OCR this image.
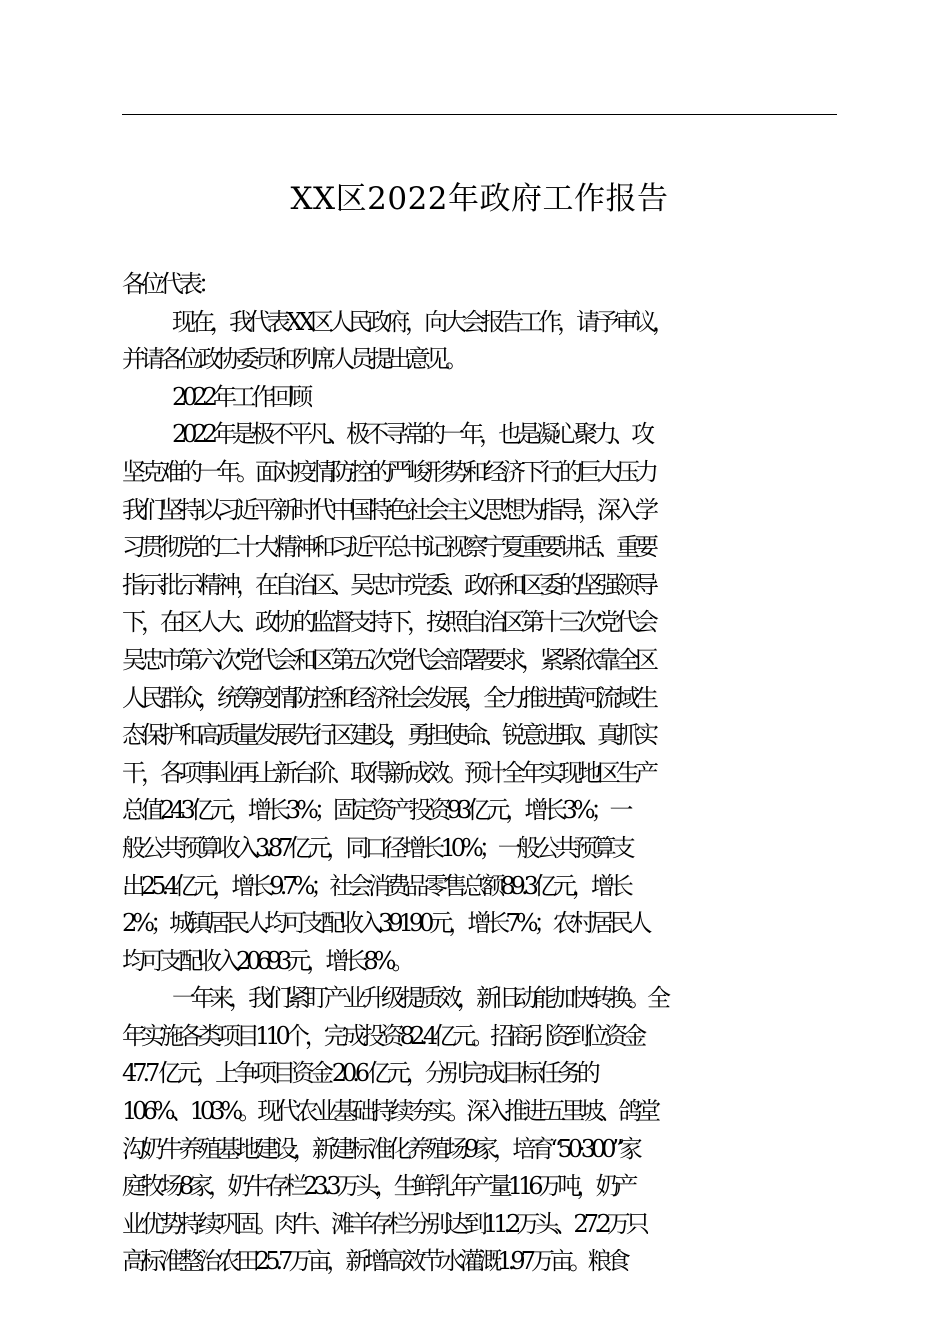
XX区2022年政府工作报告
各位代表：
现在，我代表XX区人民政府，向大会报告工作，请予审议，
并请各位政协委员和列席人员提出意见。
2022年工作回顾
2022年是极不平凡、极不寻常的一年，也是凝心聚力、攻
坚克难的一年。面对疫情防控的严峻形势和经济下行的巨大压力
我们坚持以习近平新时代中国特色社会主义思想为指导，深入学
习贯彻党的二十大精神和习近平总书记视察宁夏重要讲话、重要
指示批示精神，在自治区、吴忠市党委、政府和区委的坚强领导
下，在区人大、政协的监督支持下，按照自治区第十三次党代会
吴忠市第六次党代会和区第五次党代会部署要求，紧紧依靠全区
人民群众，统筹疫情防控和经济社会发展，全力推进黄河流域生
态保护和高质量发展先行区建设，勇担使命、锐意进取、真抓实
干，各项事业再上新台阶、取得新成效。预计全年实现地区生产
总值243亿元，增长3%；固定资产投资93亿元，增长3%；一
般公共预算收入3.87亿元，同口径增长10%；一般公共预算支
出25.4亿元，增长9.7%；社会消费品零售总额89.3亿元，增长
2%；城镇居民人均可支配收入39190元，增长7%；农村居民人
均可支配收入20693元，增长8%。
一年来，我们紧盯产业升级提质效，新旧动能加快转换。全
年实施各类项目110个，完成投资82.4亿元。招商引资到位资金
47.7 亿元，上争项目资金 20.6 亿元，分别完成目标任务的
106%、103%。现代农业基础持续夯实。深入推进五里坡、鸽堂
沟奶牛养殖基地建设，新建标准化养殖场9家，培育“50·300”家
庭牧场8家，奶牛存栏23.3万头，生鲜乳年产量116万吨，奶产
业优势持续巩固。肉牛、滩羊存栏分别达到11.2万头、27.2万只
高标准整治农田25.7万亩，新增高效节水灌溉1.97万亩。粮食
